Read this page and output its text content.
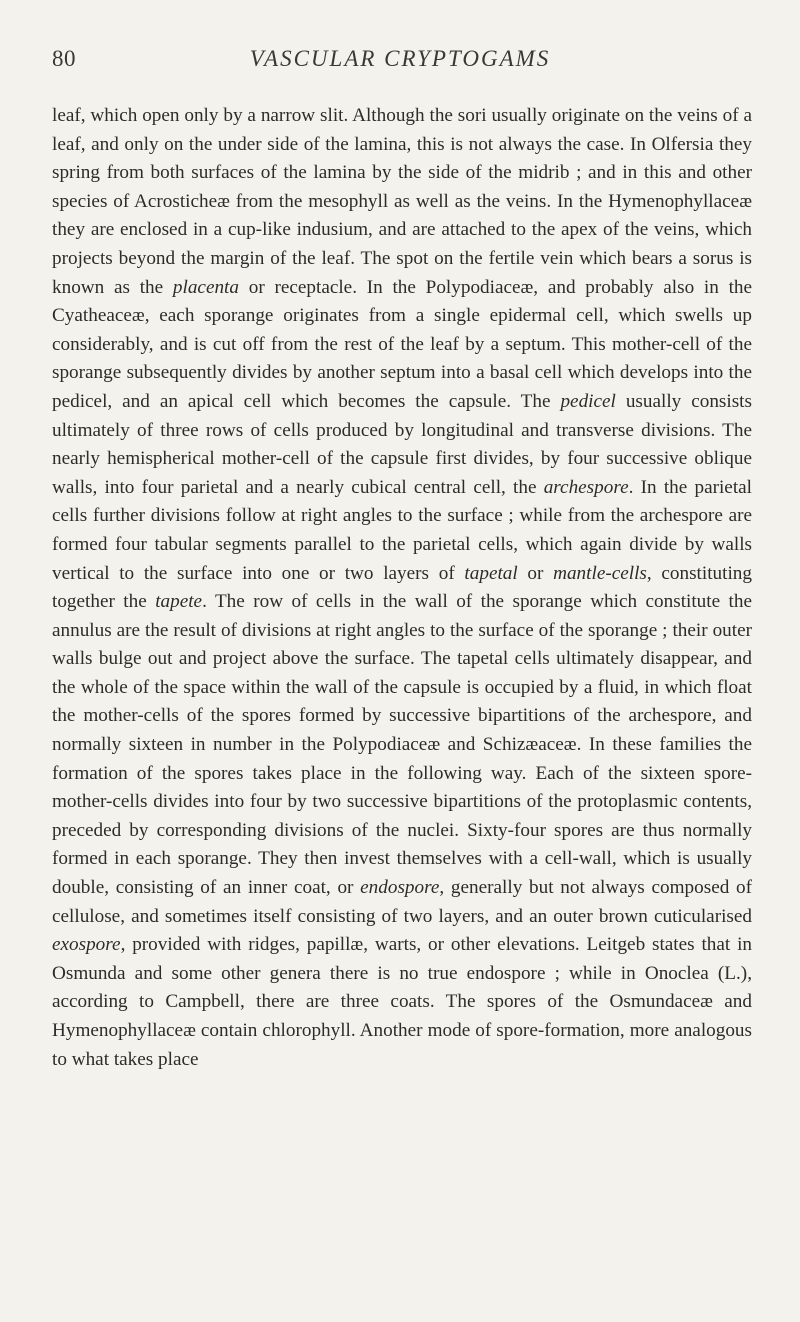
80	VASCULAR CRYPTOGAMS

leaf, which open only by a narrow slit. Although the sori usually originate on the veins of a leaf, and only on the under side of the lamina, this is not always the case. In Olfersia they spring from both surfaces of the lamina by the side of the midrib ; and in this and other species of Acrosticheæ from the mesophyll as well as the veins. In the Hymenophyllaceæ they are enclosed in a cup-like indusium, and are attached to the apex of the veins, which projects beyond the margin of the leaf. The spot on the fertile vein which bears a sorus is known as the placenta or receptacle. In the Polypodiaceæ, and probably also in the Cyatheaceæ, each sporange originates from a single epidermal cell, which swells up considerably, and is cut off from the rest of the leaf by a septum. This mother-cell of the sporange subsequently divides by another septum into a basal cell which develops into the pedicel, and an apical cell which becomes the capsule. The pedicel usually consists ultimately of three rows of cells produced by longitudinal and transverse divisions. The nearly hemispherical mother-cell of the capsule first divides, by four successive oblique walls, into four parietal and a nearly cubical central cell, the archespore. In the parietal cells further divisions follow at right angles to the surface ; while from the archespore are formed four tabular segments parallel to the parietal cells, which again divide by walls vertical to the surface into one or two layers of tapetal or mantle-cells, constituting together the tapete. The row of cells in the wall of the sporange which constitute the annulus are the result of divisions at right angles to the surface of the sporange ; their outer walls bulge out and project above the surface. The tapetal cells ultimately disappear, and the whole of the space within the wall of the capsule is occupied by a fluid, in which float the mother-cells of the spores formed by successive bipartitions of the archespore, and normally sixteen in number in the Polypodiaceæ and Schizæaceæ. In these families the formation of the spores takes place in the following way. Each of the sixteen spore-mother-cells divides into four by two successive bipartitions of the protoplasmic contents, preceded by corresponding divisions of the nuclei. Sixty-four spores are thus normally formed in each sporange. They then invest themselves with a cell-wall, which is usually double, consisting of an inner coat, or endospore, generally but not always composed of cellulose, and sometimes itself consisting of two layers, and an outer brown cuticularised exospore, provided with ridges, papillæ, warts, or other elevations. Leitgeb states that in Osmunda and some other genera there is no true endospore ; while in Onoclea (L.), according to Campbell, there are three coats. The spores of the Osmundaceæ and Hymenophyllaceæ contain chlorophyll. Another mode of spore-formation, more analogous to what takes place
